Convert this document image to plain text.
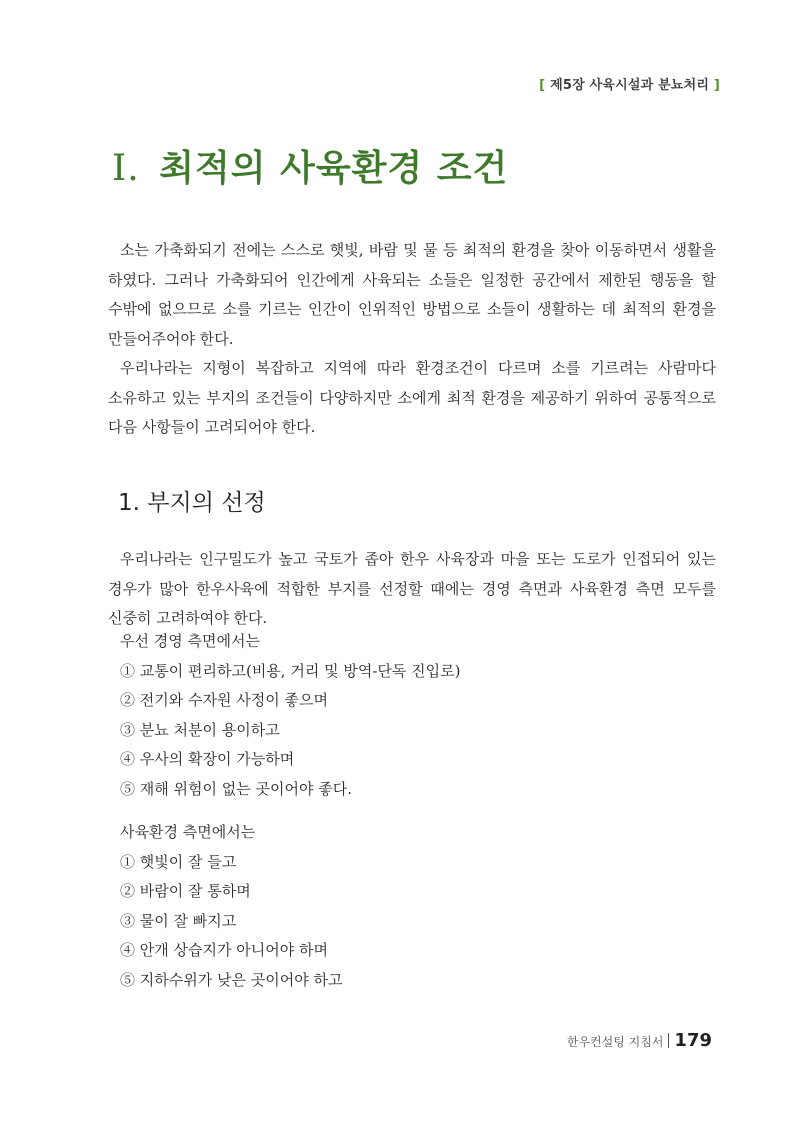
[ 제5장 사육시설과 분뇨처리 ]
Ⅰ. 최적의 사육환경 조건

소는 가축화되기 전에는 스스로 햇빛, 바람 및 물 등 최적의 환경을 찾아 이동하면서 생활을 하였다. 그러나 가축화되어 인간에게 사육되는 소들은 일정한 공간에서 제한된 행동을 할 수밖에 없으므로 소를 기르는 인간이 인위적인 방법으로 소들이 생활하는 데 최적의 환경을 만들어주어야 한다.

우리나라는 지형이 복잡하고 지역에 따라 환경조건이 다르며 소를 기르려는 사람마다 소유하고 있는 부지의 조건들이 다양하지만 소에게 최적 환경을 제공하기 위하여 공통적으로 다음 사항들이 고려되어야 한다.

1. 부지의 선정

우리나라는 인구밀도가 높고 국토가 좁아 한우 사육장과 마을 또는 도로가 인접되어 있는 경우가 많아 한우사육에 적합한 부지를 선정할 때에는 경영 측면과 사육환경 측면 모두를 신중히 고려하여야 한다.

우선 경영 측면에서는
① 교통이 편리하고(비용, 거리 및 방역-단독 진입로)
② 전기와 수자원 사정이 좋으며
③ 분뇨 처분이 용이하고
④ 우사의 확장이 가능하며
⑤ 재해 위험이 없는 곳이어야 좋다.
사육환경 측면에서는
① 햇빛이 잘 들고
② 바람이 잘 통하며
③ 물이 잘 빠지고
④ 안개 상습지가 아니어야 하며
⑤ 지하수위가 낮은 곳이어야 하고
한우컨설팅 지침서 179
